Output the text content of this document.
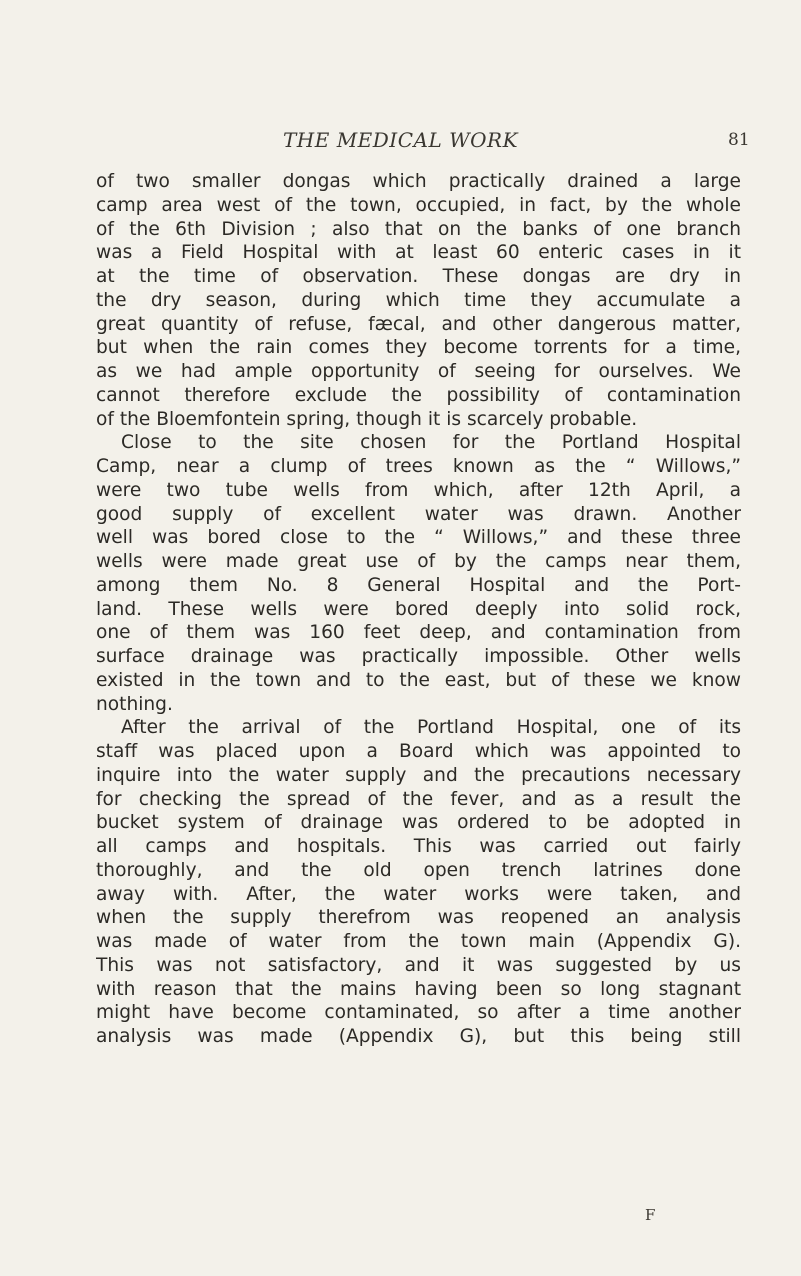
THE MEDICAL WORK	81
of two smaller dongas which practically drained a large
camp area west of the town, occupied, in fact, by the whole
of the 6th Division ; also that on the banks of one branch
was a Field Hospital with at least 60 enteric cases in it
at the time of observation. These dongas are dry in
the dry season, during which time they accumulate a
great quantity of refuse, fæcal, and other dangerous matter,
but when the rain comes they become torrents for a time,
as we had ample opportunity of seeing for ourselves. We
cannot therefore exclude the possibility of contamination
of the Bloemfontein spring, though it is scarcely probable.
Close to the site chosen for the Portland Hospital
Camp, near a clump of trees known as the “ Willows,”
were two tube wells from which, after 12th April, a
good supply of excellent water was drawn. Another
well was bored close to the “ Willows,” and these three
wells were made great use of by the camps near them,
among them No. 8 General Hospital and the Port-
land. These wells were bored deeply into solid rock,
one of them was 160 feet deep, and contamination from
surface drainage was practically impossible. Other wells
existed in the town and to the east, but of these we know
nothing.
After the arrival of the Portland Hospital, one of its
staff was placed upon a Board which was appointed to
inquire into the water supply and the precautions necessary
for checking the spread of the fever, and as a result the
bucket system of drainage was ordered to be adopted in
all camps and hospitals. This was carried out fairly
thoroughly, and the old open trench latrines done
away with. After, the water works were taken, and
when the supply therefrom was reopened an analysis
was made of water from the town main (Appendix G).
This was not satisfactory, and it was suggested by us
with reason that the mains having been so long stagnant
might have become contaminated, so after a time another
analysis was made (Appendix G), but this being still
F
